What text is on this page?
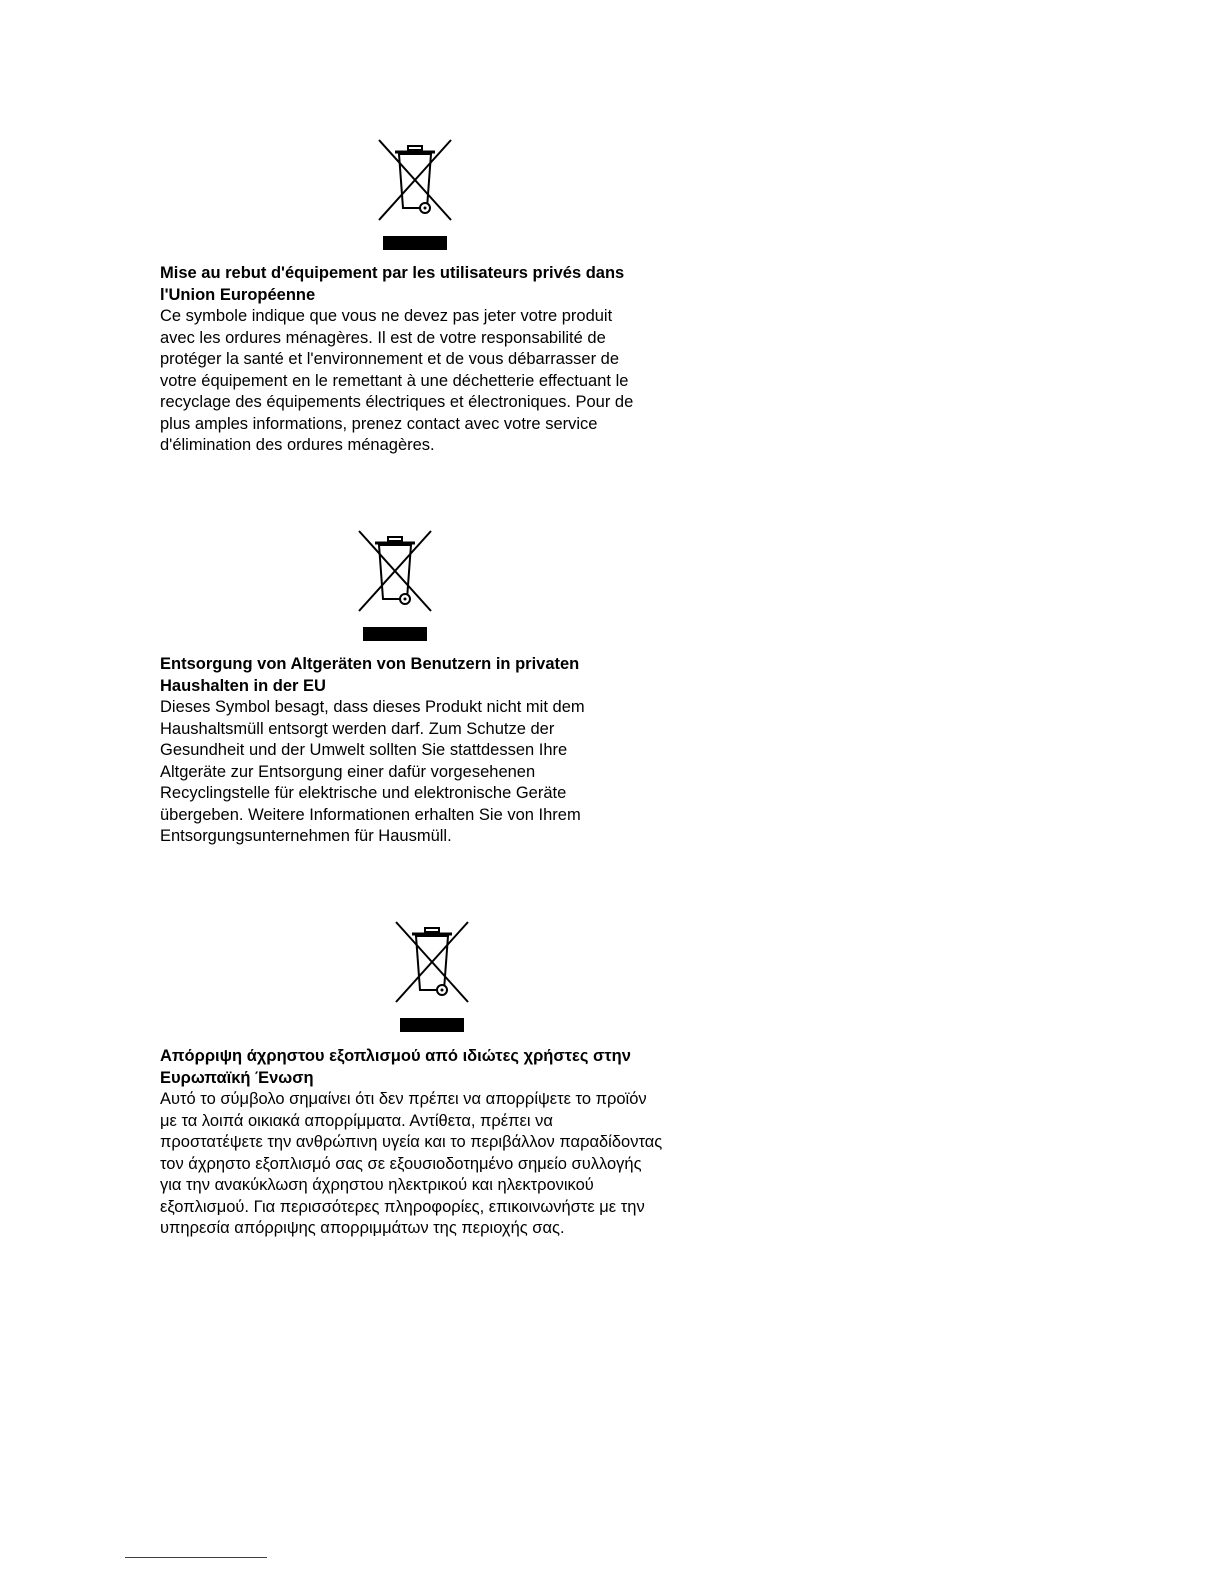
Mise au rebut d'équipement par les utilisateurs privés dans
l'Union Européenne
Ce symbole indique que vous ne devez pas jeter votre produit
avec les ordures ménagères. Il est de votre responsabilité de
protéger la santé et l'environnement et de vous débarrasser de
votre équipement en le remettant à une déchetterie effectuant le
recyclage des équipements électriques et électroniques. Pour de
plus amples informations, prenez contact avec votre service
d'élimination des ordures ménagères.
Entsorgung von Altgeräten von Benutzern in privaten
Haushalten in der EU
Dieses Symbol besagt, dass dieses Produkt nicht mit dem
Haushaltsmüll entsorgt werden darf. Zum Schutze der
Gesundheit und der Umwelt sollten Sie stattdessen Ihre
Altgeräte zur Entsorgung einer dafür vorgesehenen
Recyclingstelle für elektrische und elektronische Geräte
übergeben. Weitere Informationen erhalten Sie von Ihrem
Entsorgungsunternehmen für Hausmüll.
Απόρριψη άχρηστου εξοπλισμού από ιδιώτες χρήστες στην
Ευρωπαϊκή Ένωση
Αυτό το σύμβολο σημαίνει ότι δεν πρέπει να απορρίψετε το προϊόν
με τα λοιπά οικιακά απορρίμματα. Αντίθετα, πρέπει να
προστατέψετε την ανθρώπινη υγεία και το περιβάλλον παραδίδοντας
τον άχρηστο εξοπλισμό σας σε εξουσιοδοτημένο σημείο συλλογής
για την ανακύκλωση άχρηστου ηλεκτρικού και ηλεκτρονικού
εξοπλισμού. Για περισσότερες πληροφορίες, επικοινωνήστε με την
υπηρεσία απόρριψης απορριμμάτων της περιοχής σας.
